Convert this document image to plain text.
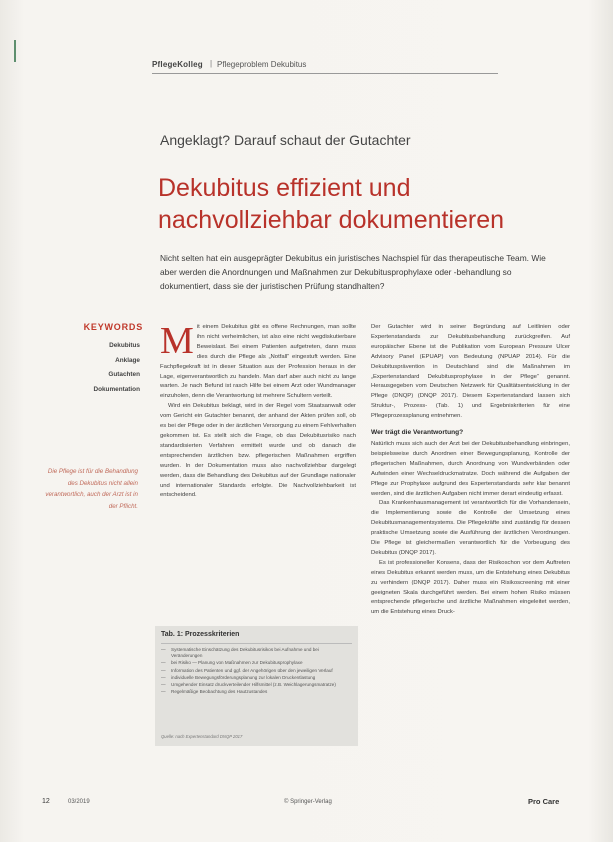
PflegeKolleg | Pflegeproblem Dekubitus
Angeklagt? Darauf schaut der Gutachter
Dekubitus effizient und nachvollziehbar dokumentieren
Nicht selten hat ein ausgeprägter Dekubitus ein juristisches Nachspiel für das therapeutische Team. Wie aber werden die Anordnungen und Maßnahmen zur Dekubitusprophylaxe oder -behandlung so dokumentiert, dass sie der juristischen Prüfung standhalten?
KEYWORDS
Dekubitus
Anklage
Gutachten
Dokumentation
Die Pflege ist für die Behandlung des Dekubitus nicht allein verantwortlich, auch der Arzt ist in der Pflicht.

Mit einem Dekubitus gibt es offene Rechnungen, man sollte ihn nicht verheimlichen, ist also eine nicht wegdiskutierbare Beweislast. Bei einem Patienten aufgetreten, dann muss dies durch die Pflege als „Notfall“ eingestuft werden. Eine Fachpflegekraft ist in dieser Situation aus der Profession heraus in der Lage, eigenverantwortlich zu handeln. Man darf aber auch nicht zu lange warten. Je nach Befund ist rasch Hilfe bei einem Arzt oder Wundmanager einzuholen, denn die Verantwortung ist mehrere Schultern verteilt.

Wird ein Dekubitus beklagt, wird in der Regel vom Staatsanwalt oder vom Gericht ein Gutachter benannt, der anhand der Akten prüfen soll, ob es bei der Pflege oder in der ärztlichen Versorgung zu einem Fehlverhalten gekommen ist. Es stellt sich die Frage, ob das Dekubitusrisiko nach standardisierten Verfahren ermittelt wurde und ob danach die entsprechenden ärztlichen bzw. pflegerischen Maßnahmen ergriffen wurden. In der Dokumentation muss also nachvollziehbar dargelegt werden, dass die Behandlung des Dekubitus auf der Grundlage nationaler und internationaler Standards erfolgte. Die Nachvollziehbarkeit ist entscheidend.

Der Gutachter wird in seiner Begründung auf Leitlinien oder Expertenstandards zur Dekubitusbehandlung zurückgreifen. Auf europäischer Ebene ist die Publikation vom European Pressure Ulcer Advisory Panel (EPUAP) von Bedeutung (NPUAP 2014). Für die Dekubitusprävention in Deutschland sind die Maßnahmen im „Expertenstandard Dekubitusprophylaxe in der Pflege“ genannt. Herausgegeben vom Deutschen Netzwerk für Qualitätsentwicklung in der Pflege (DNQP) (DNQP 2017). Diesem Expertenstandard lassen sich Struktur-, Prozess- (Tab. 1) und Ergebniskriterien für eine Pflegeprozessplanung entnehmen.

Wer trägt die Verantwortung?

Natürlich muss sich auch der Arzt bei der Dekubitusbehandlung einbringen, beispielsweise durch Anordnen einer Bewegungsplanung, Kontrolle der pflegerischen Maßnahmen, durch Anordnung von Wundverbänden oder Aufwinden einer Wechseldruckmatratze. Doch während die Aufgaben der Pflege zur Prophylaxe aufgrund des Expertenstandards sehr klar benannt werden, sind die ärztlichen Aufgaben nicht immer derart eindeutig erfasst.

Das Krankenhausmanagement ist verantwortlich für die Vorhandensein, die Implementierung sowie die Kontrolle der Umsetzung eines Dekubitusmanagementsystems. Die Pflegekräfte sind zuständig für dessen praktische Umsetzung sowie die Ausführung der ärztlichen Verordnungen. Die Pflege ist gleichermaßen verantwortlich für die Vorbeugung des Dekubitus (DNQP 2017).

Es ist professioneller Konsens, dass der Risikoschon vor dem Auftreten eines Dekubitus erkannt werden muss, um die Entstehung eines Dekubitus zu verhindern (DNQP 2017). Daher muss ein Risikoscreening mit einer geeigneten Skala durchgeführt werden. Bei einem hohen Risiko müssen entsprechende pflegerische und ärztliche Maßnahmen eingeleitet werden, um die Entstehung eines Druck-

Tab. 1: Prozesskriterien
— Systematische Einschätzung des Dekubitusrisikos bei Aufnahme und bei Veränderungen
— bei Risiko — Planung von Maßnahmen zur Dekubitusprophylaxe
— Information des Patienten und ggf. der Angehörigen über den jeweiligen Verlauf
— individuelle Bewegungsförderungsplanung zur lokalen Druckentlastung
— Umgehender Einsatz druckverteilender Hilfsmittel (z.B. Weichlagerungsmatratze)
— Regelmäßige Beobachtung des Hautzustandes
Quelle: nach Expertenstandard DNQP 2017
12	03/2019	© Springer-Verlag	Pro Care
